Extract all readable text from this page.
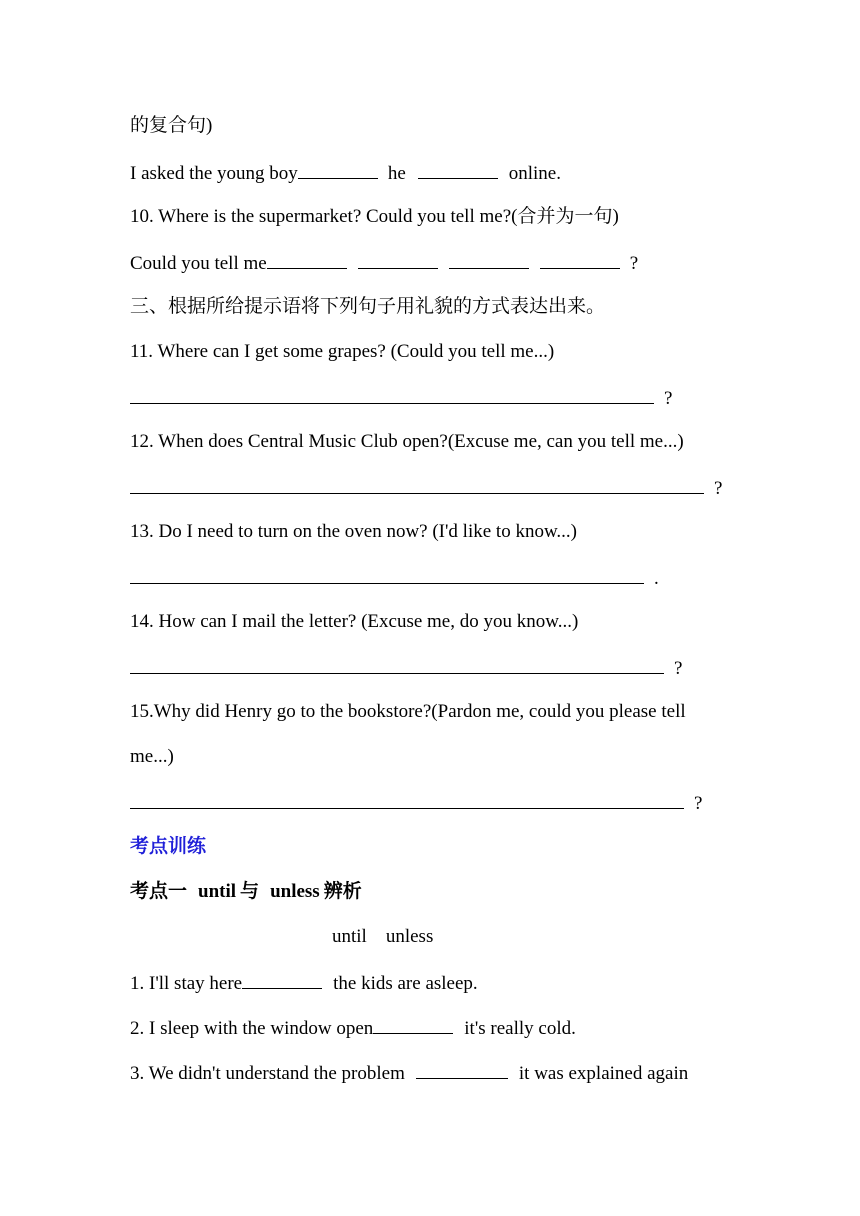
的复合句)
I asked the young boy	he	online.
10. Where is the supermarket? Could you tell me?(合并为一句)
Could you tell me	?
三、根据所给提示语将下列句子用礼貌的方式表达出来。
11. Where can I get some grapes? (Could you tell me...)
?
12. When does Central Music Club open?(Excuse me, can you tell me...)
?
13. Do I need to turn on the oven now? (I'd like to know...)
.
14. How can I mail the letter? (Excuse me, do you know...)
?
15.Why did Henry go to the bookstore?(Pardon me, could you please tell
me...)
?
考点训练
考点一 until 与 unless 辨析
until    unless
1. I'll stay here	the kids are asleep.
2. I sleep with the window open	it's really cold.
3. We didn't understand the problem	it was explained again
